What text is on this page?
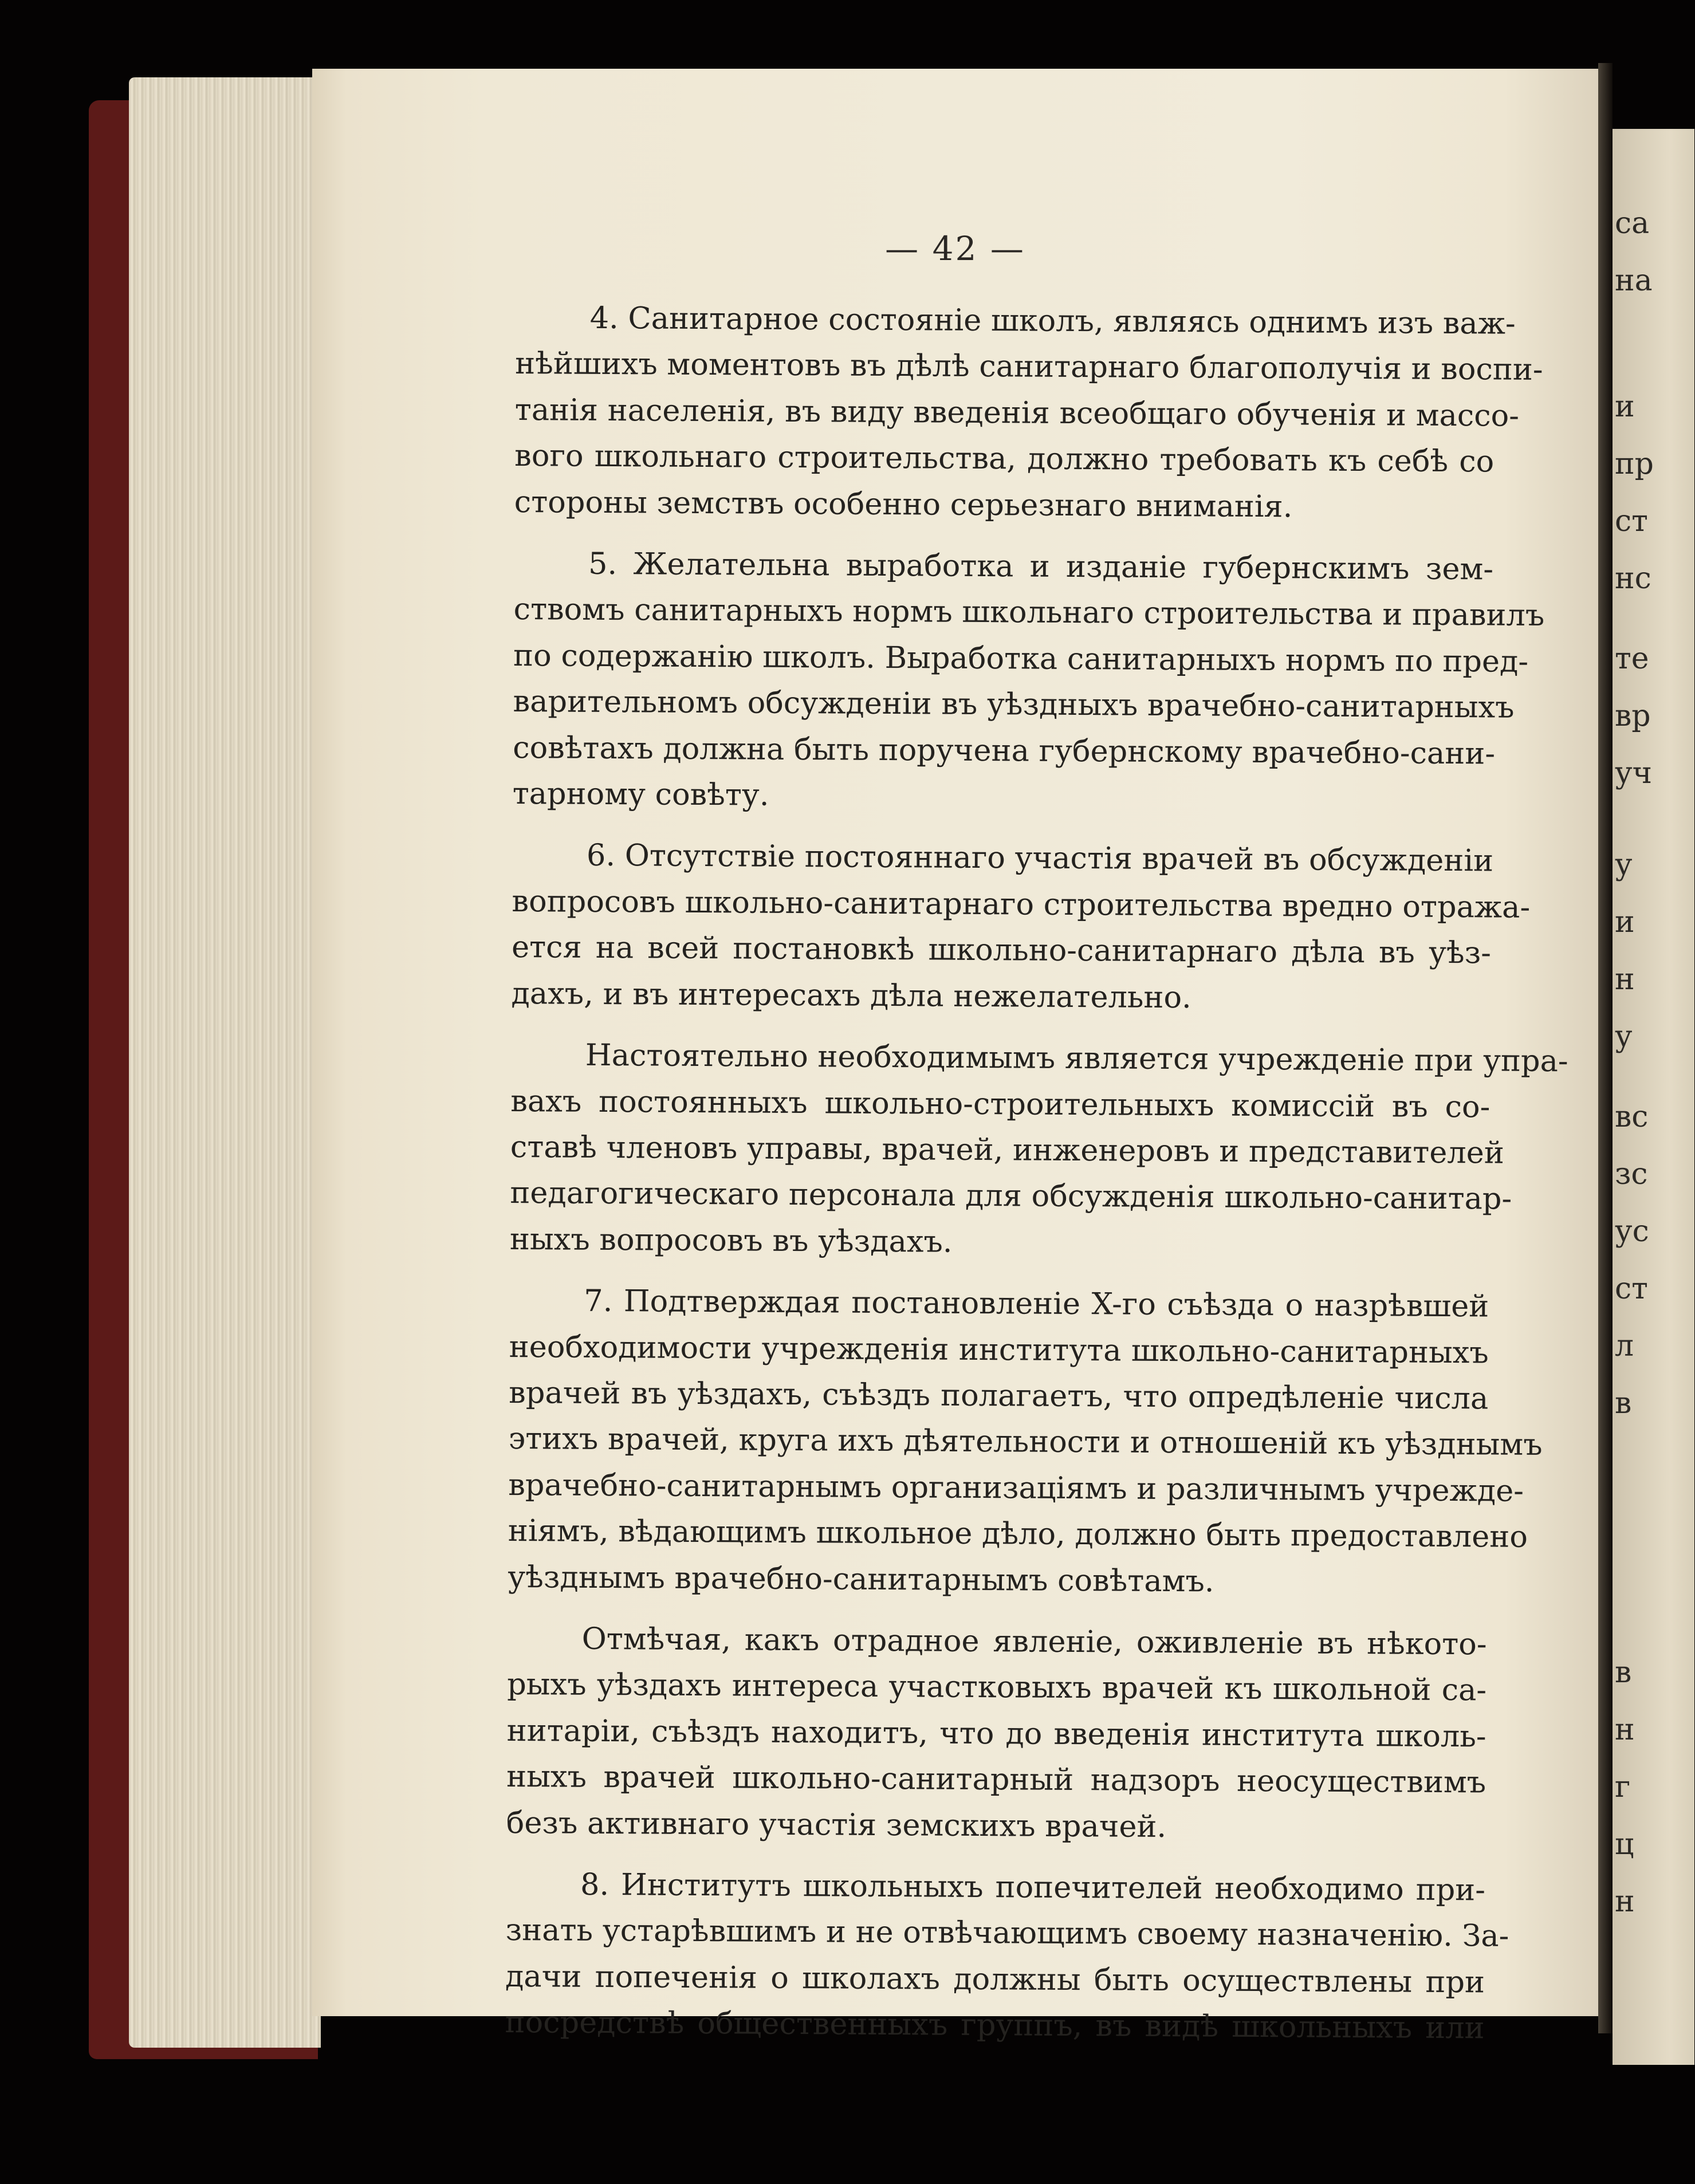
— 42 —
4. Санитарное состоянiе школъ, являясь однимъ изъ важ-
нѣйшихъ моментовъ въ дѣлѣ санитарнаго благополучiя и воспи-
танiя населенiя, въ виду введенiя всеобщаго обученiя и массо-
вого школьнаго строительства, должно требовать къ себѣ со
стороны земствъ особенно серьезнаго вниманiя.
5. Желательна выработка и изданiе губернскимъ зем-
ствомъ санитарныхъ нормъ школьнаго строительства и правилъ
по содержанiю школъ. Выработка санитарныхъ нормъ по пред-
варительномъ обсужденiи въ уѣздныхъ врачебно-санитарныхъ
совѣтахъ должна быть поручена губернскому врачебно-сани-
тарному совѣту.
6. Отсутствiе постояннаго участiя врачей въ обсужденiи
вопросовъ школьно-санитарнаго строительства вредно отража-
ется на всей постановкѣ школьно-санитарнаго дѣла въ уѣз-
дахъ, и въ интересахъ дѣла нежелательно.
Настоятельно необходимымъ является учрежденiе при упра-
вахъ постоянныхъ школьно-строительныхъ комиссiй въ со-
ставѣ членовъ управы, врачей, инженеровъ и представителей
педагогическаго персонала для обсужденiя школьно-санитар-
ныхъ вопросовъ въ уѣздахъ.
7. Подтверждая постановленiе X-го съѣзда о назрѣвшей
необходимости учрежденiя института школьно-санитарныхъ
врачей въ уѣздахъ, съѣздъ полагаетъ, что опредѣленiе числа
этихъ врачей, круга ихъ дѣятельности и отношенiй къ уѣзднымъ
врачебно-санитарнымъ организацiямъ и различнымъ учрежде-
нiямъ, вѣдающимъ школьное дѣло, должно быть предоставлено
уѣзднымъ врачебно-санитарнымъ совѣтамъ.
Отмѣчая, какъ отрадное явленiе, оживленiе въ нѣкото-
рыхъ уѣздахъ интереса участковыхъ врачей къ школьной са-
нитарiи, съѣздъ находитъ, что до введенiя института школь-
ныхъ врачей школьно-санитарный надзоръ неосуществимъ
безъ активнаго участiя земскихъ врачей.
8. Институтъ школьныхъ попечителей необходимо при-
знать устарѣвшимъ и не отвѣчающимъ своему назначенiю. За-
дачи попеченiя о школахъ должны быть осуществлены при
посредствѣ общественныхъ группъ, въ видѣ школьныхъ или
са
на
и
пр
ст
нс
те
вр
уч
у
и
н
у
вс
зс
ус
ст
л
в
в
н
г
ц
н
